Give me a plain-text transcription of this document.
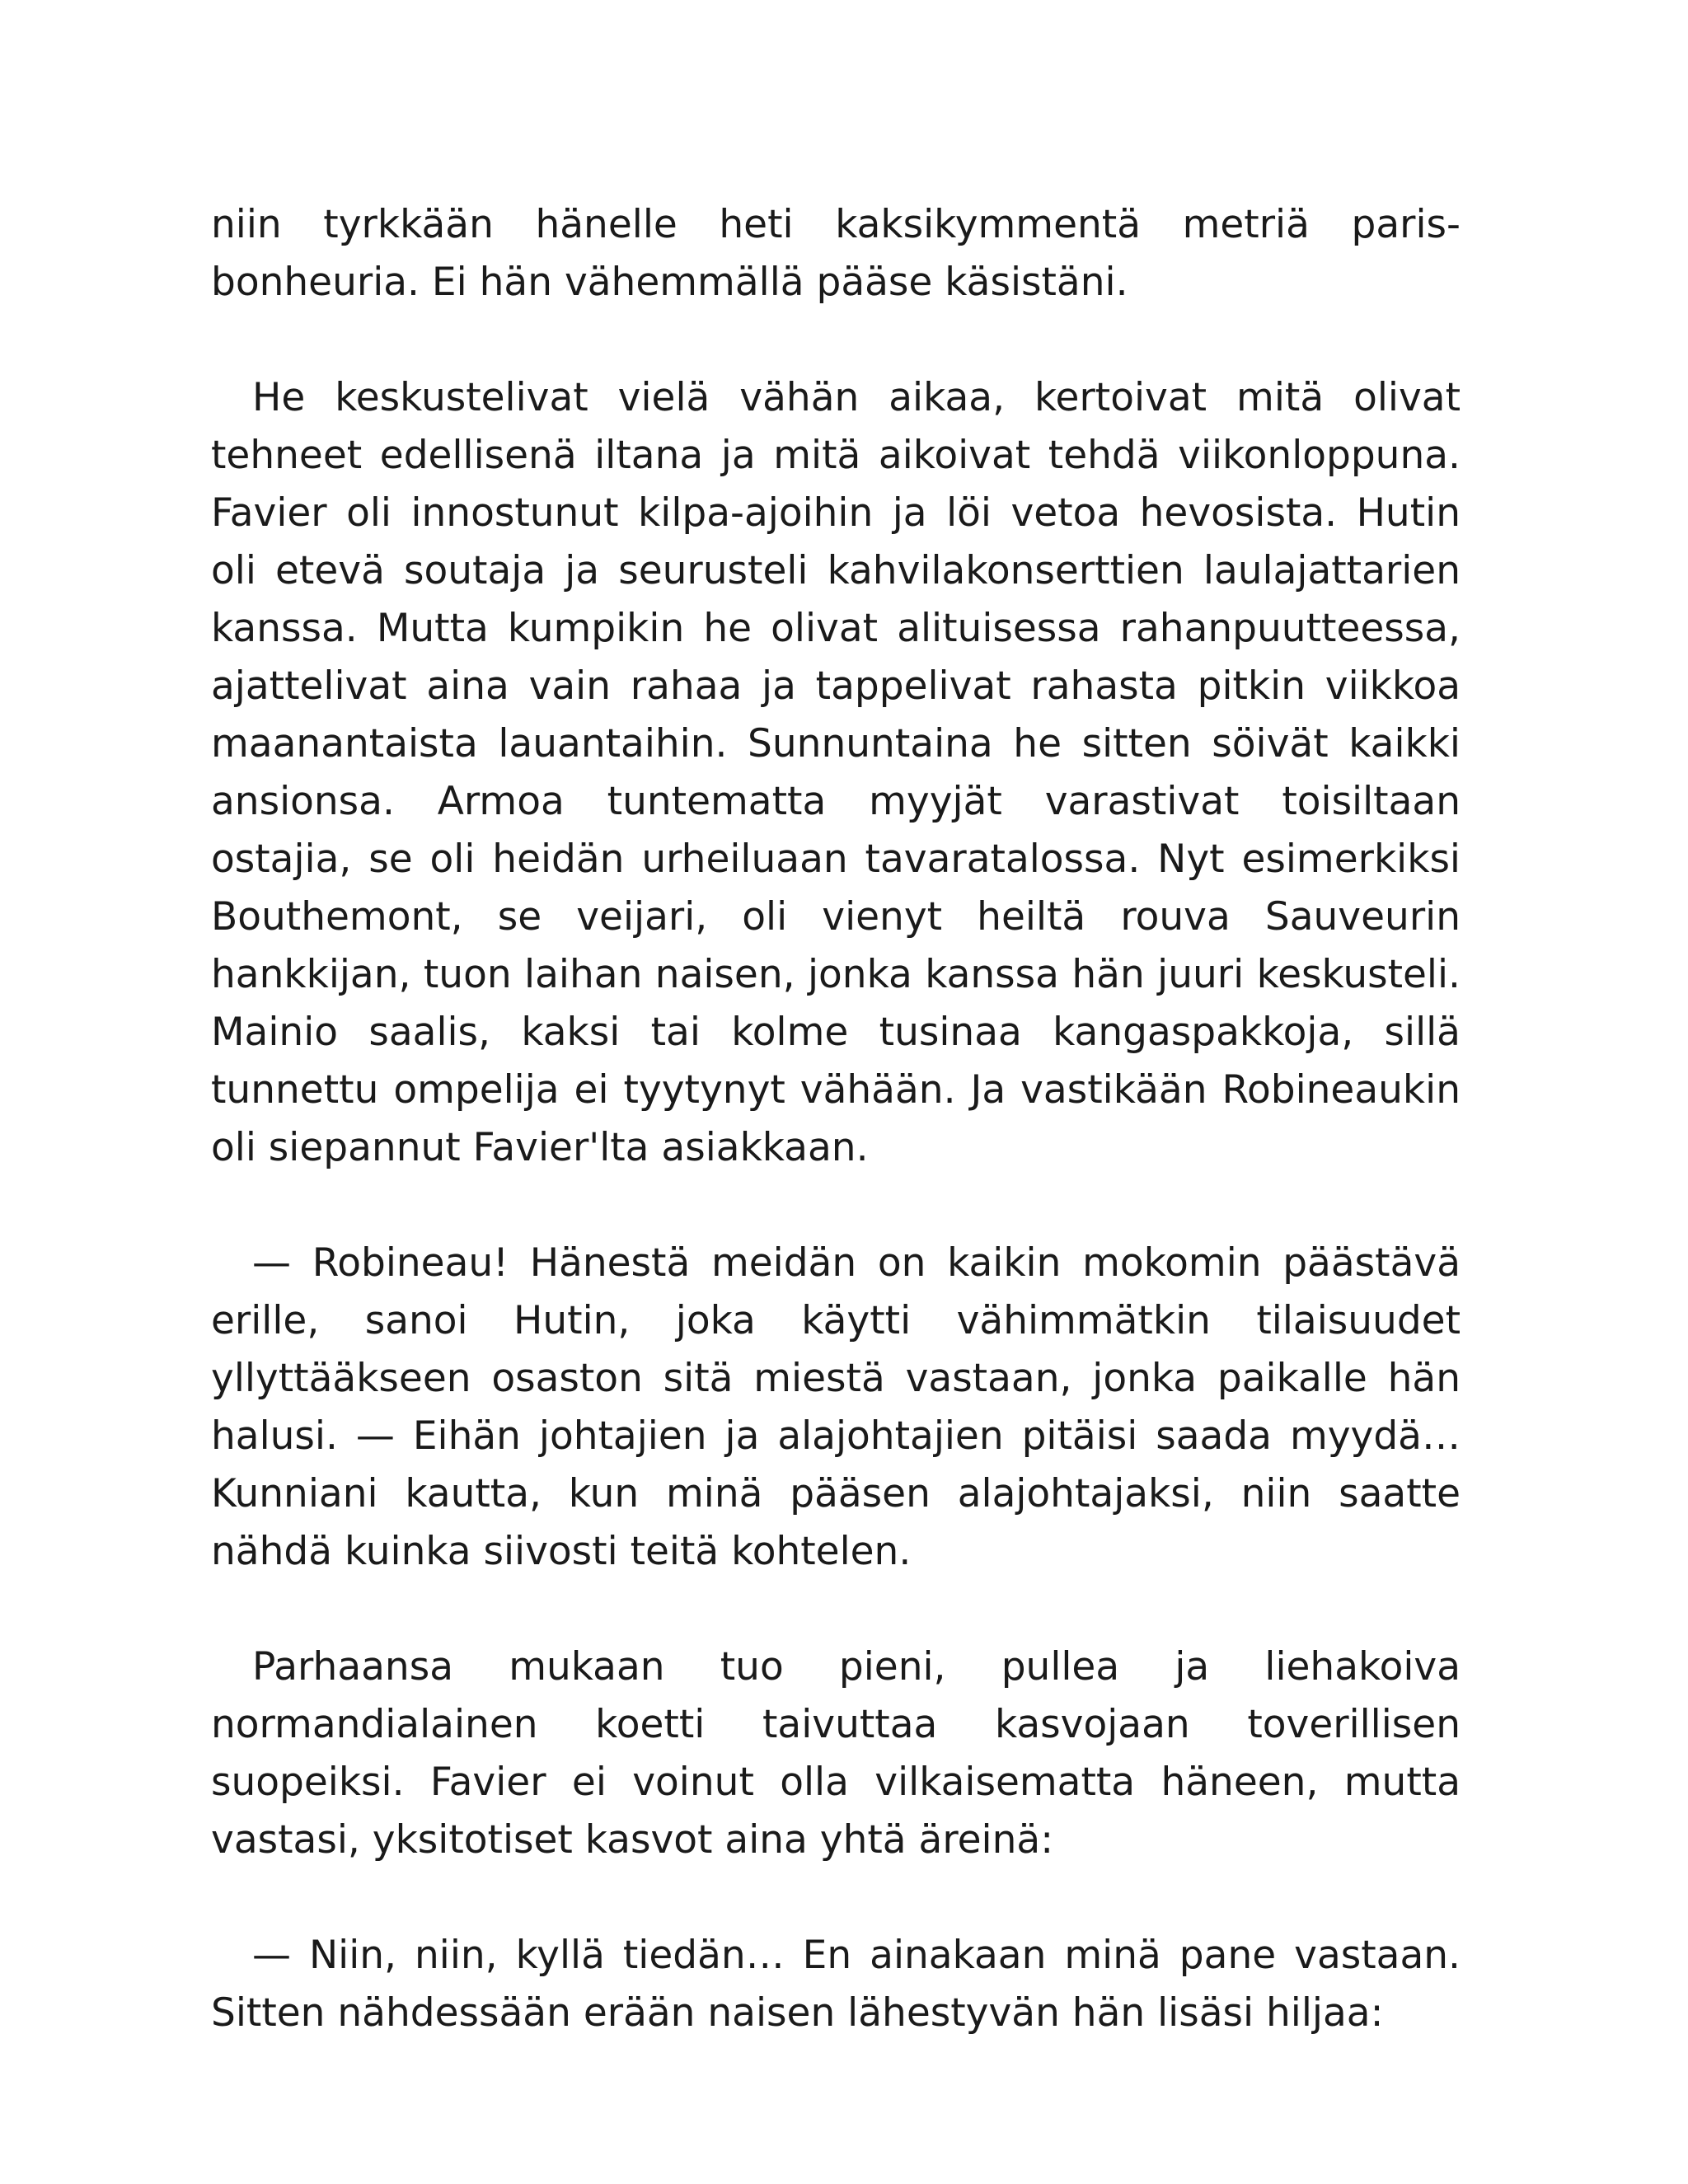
niin tyrkkään hänelle heti kaksikymmentä metriä paris-bonheuria. Ei hän vähemmällä pääse käsistäni.

He keskustelivat vielä vähän aikaa, kertoivat mitä olivat tehneet edellisenä iltana ja mitä aikoivat tehdä viikonloppuna. Favier oli innostunut kilpa-ajoihin ja löi vetoa hevosista. Hutin oli etevä soutaja ja seurusteli kahvilakonserttien laulajattarien kanssa. Mutta kumpikin he olivat alituisessa rahanpuutteessa, ajattelivat aina vain rahaa ja tappelivat rahasta pitkin viikkoa maanantaista lauantaihin. Sunnuntaina he sitten söivät kaikki ansionsa. Armoa tuntematta myyjät varastivat toisiltaan ostajia, se oli heidän urheiluaan tavaratalossa. Nyt esimerkiksi Bouthemont, se veijari, oli vienyt heiltä rouva Sauveurin hankkijan, tuon laihan naisen, jonka kanssa hän juuri keskusteli. Mainio saalis, kaksi tai kolme tusinaa kangaspakkoja, sillä tunnettu ompelija ei tyytynyt vähään. Ja vastikään Robineaukin oli siepannut Favier'lta asiakkaan.

— Robineau! Hänestä meidän on kaikin mokomin päästävä erille, sanoi Hutin, joka käytti vähimmätkin tilaisuudet yllyttääkseen osaston sitä miestä vastaan, jonka paikalle hän halusi. — Eihän johtajien ja alajohtajien pitäisi saada myydä… Kunniani kautta, kun minä pääsen alajohtajaksi, niin saatte nähdä kuinka siivosti teitä kohtelen.

Parhaansa mukaan tuo pieni, pullea ja liehakoiva normandialainen koetti taivuttaa kasvojaan toverillisen suopeiksi. Favier ei voinut olla vilkaisematta häneen, mutta vastasi, yksitotiset kasvot aina yhtä äreinä:

— Niin, niin, kyllä tiedän… En ainakaan minä pane vastaan. Sitten nähdessään erään naisen lähestyvän hän lisäsi hiljaa:
